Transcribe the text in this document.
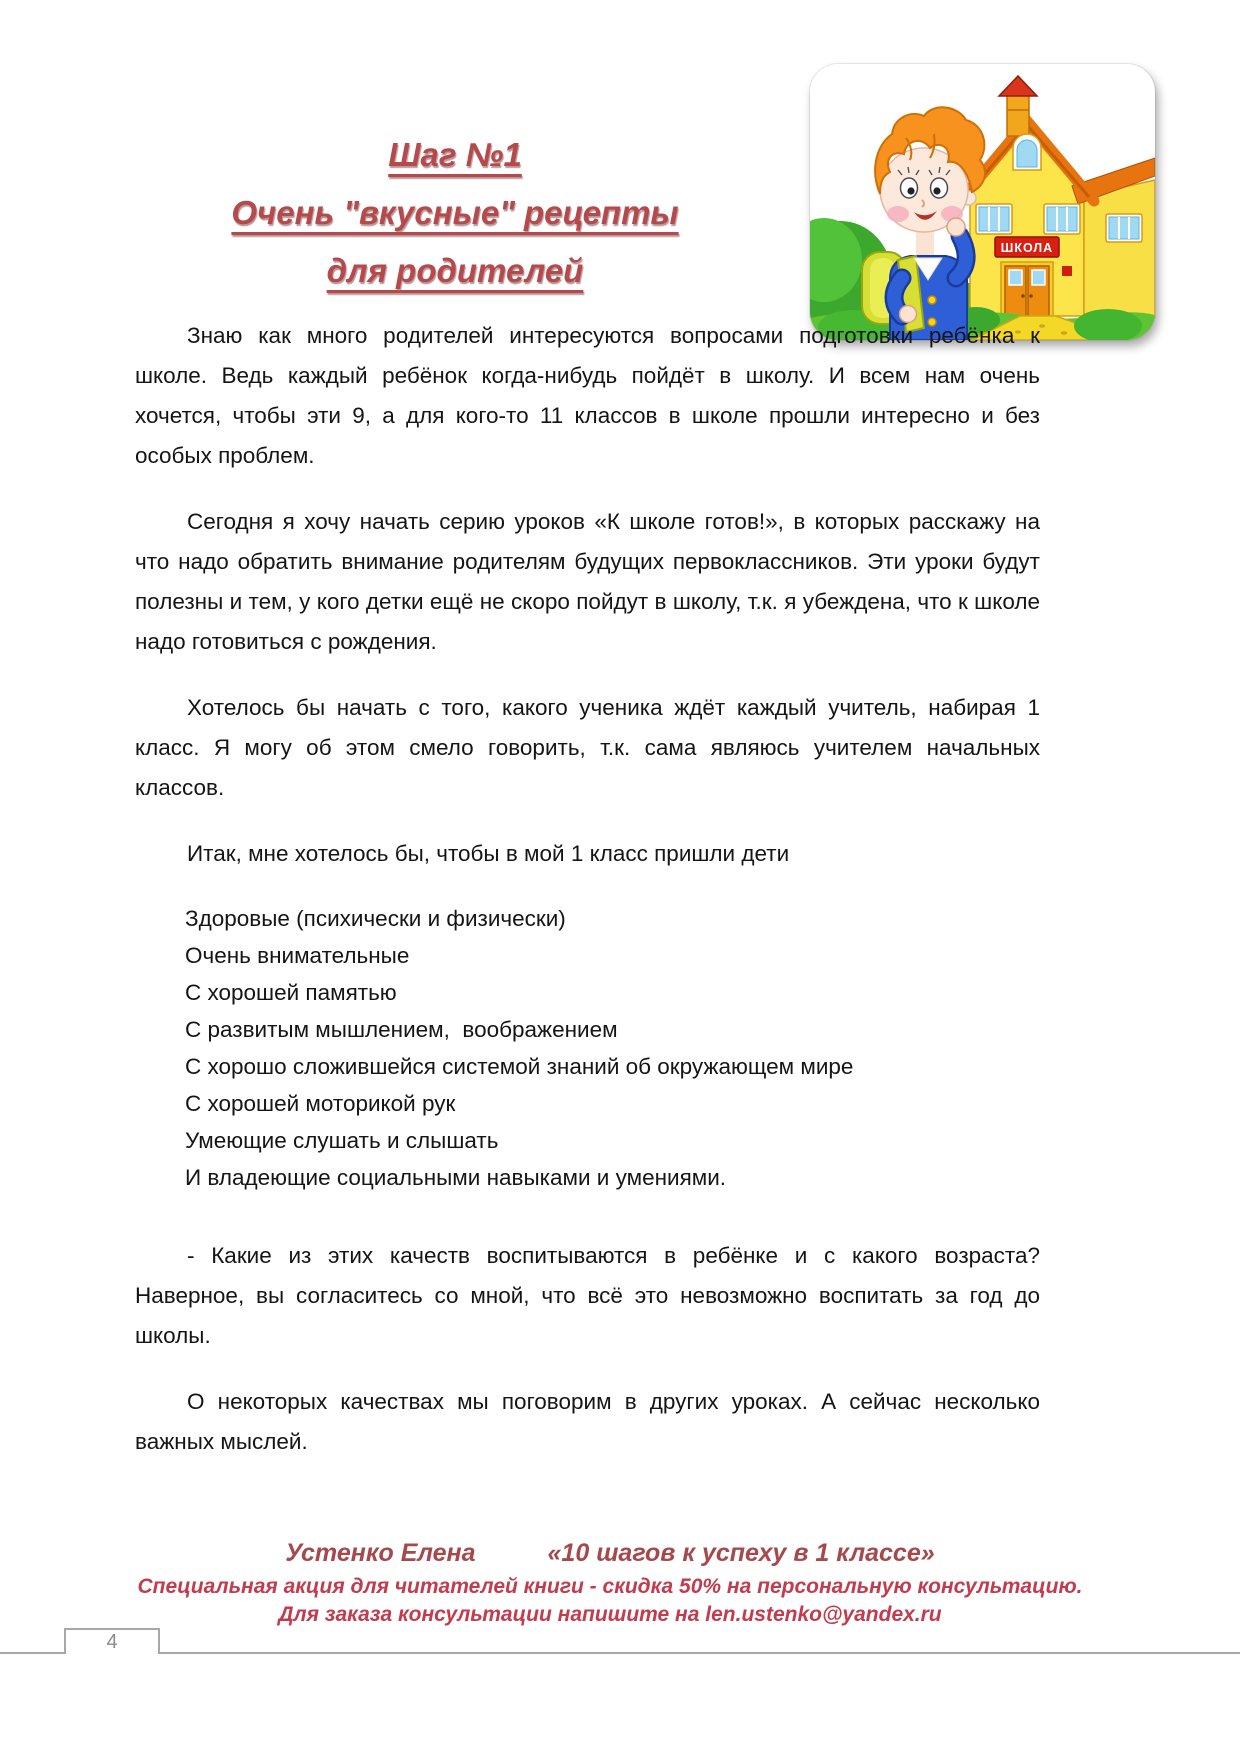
Шаг №1
Очень "вкусные" рецепты
для родителей
ШКОЛА

Знаю как много родителей интересуются вопросами подготовки ребёнка к школе. Ведь каждый ребёнок когда-нибудь пойдёт в школу. И всем нам очень хочется, чтобы эти 9, а для кого-то 11 классов в школе прошли интересно и без особых проблем.

Сегодня я хочу начать серию уроков «К школе готов!», в которых расскажу на что надо обратить внимание родителям будущих первоклассников. Эти уроки будут полезны и тем, у кого детки ещё не скоро пойдут в школу, т.к. я убеждена, что к школе надо готовиться с рождения.

Хотелось бы начать с того, какого ученика ждёт каждый учитель, набирая 1 класс. Я могу об этом смело говорить, т.к. сама являюсь учителем начальных классов.

Итак, мне хотелось бы, чтобы в мой 1 класс пришли дети

Здоровые (психически и физически)
Очень внимательные
С хорошей памятью
С развитым мышлением,  воображением
С хорошо сложившейся системой знаний об окружающем мире
С хорошей моторикой рук
Умеющие слушать и слышать
И владеющие социальными навыками и умениями.

- Какие из этих качеств воспитываются в ребёнке и с какого возраста? Наверное, вы согласитесь со мной, что всё это невозможно воспитать за год до школы.

О некоторых качествах мы поговорим в других уроках. А сейчас несколько важных мыслей.

Устенко Елена	«10 шагов к успеху в 1 классе»
Специальная акция для читателей книги - скидка 50% на персональную консультацию.
Для заказа консультации напишите на len.ustenko@yandex.ru
4
